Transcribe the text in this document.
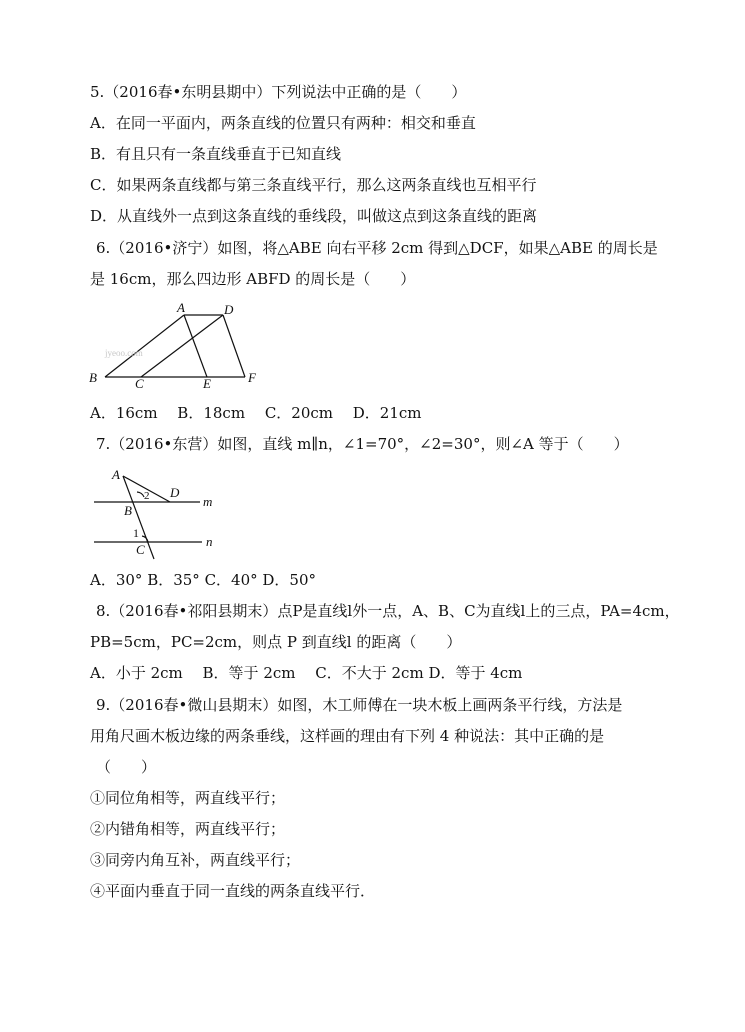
5.（2016春•东明县期中）下列说法中正确的是（　　）
A．在同一平面内，两条直线的位置只有两种：相交和垂直
B．有且只有一条直线垂直于已知直线
C．如果两条直线都与第三条直线平行，那么这两条直线也互相平行
D．从直线外一点到这条直线的垂线段，叫做这点到这条直线的距离
6.（2016•济宁）如图，将△ABE 向右平移 2cm 得到△DCF，如果△ABE 的周长是
是 16cm，那么四边形 ABFD 的周长是（　　）
jyeoo.com
A	D
B	C	E	F
A．16cm　 B．18cm　 C．20cm　 D．21cm
7.（2016•东营）如图，直线 m∥n，∠1=70°，∠2=30°，则∠A 等于（　　）
A
D
B
C
m
n
1
2
A．30° B．35° C．40° D．50°
8.（2016春•祁阳县期末）点P是直线l外一点，A、B、C为直线l上的三点，PA=4cm，
PB=5cm，PC=2cm，则点 P 到直线l 的距离（　　）
A．小于 2cm　 B．等于 2cm　 C．不大于 2cm D．等于 4cm
9.（2016春•微山县期末）如图，木工师傅在一块木板上画两条平行线，方法是
用角尺画木板边缘的两条垂线，这样画的理由有下列 4 种说法：其中正确的是
（　　）
①同位角相等，两直线平行；
②内错角相等，两直线平行；
③同旁内角互补，两直线平行；
④平面内垂直于同一直线的两条直线平行．
